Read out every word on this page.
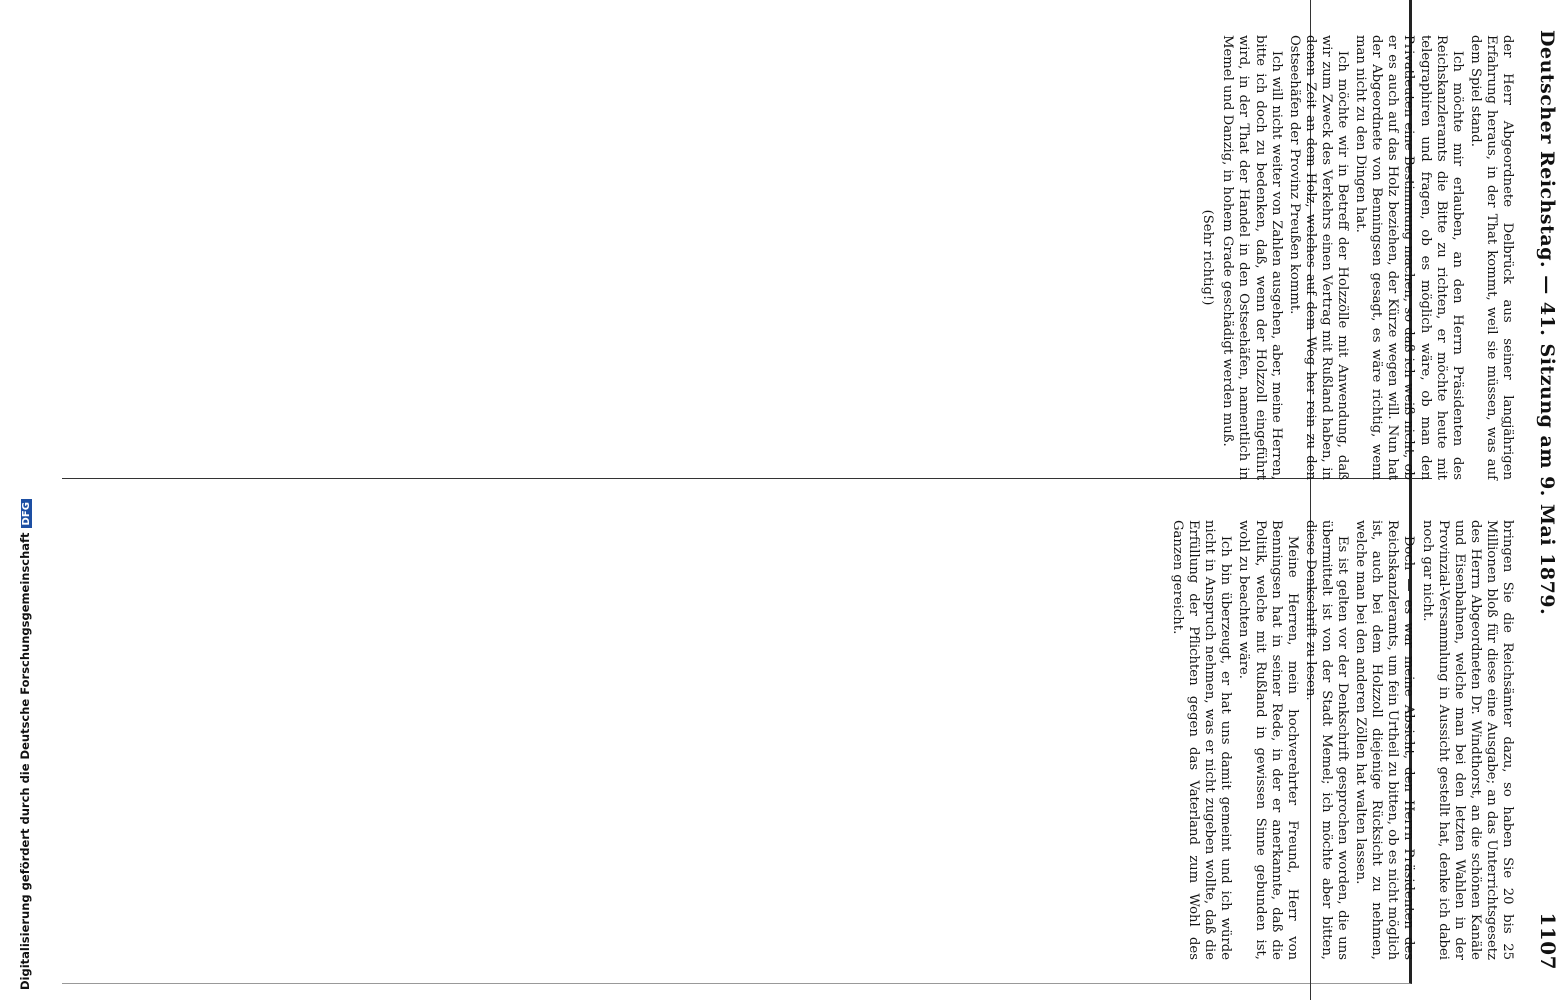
Digitalisierung gefördert durch die Deutsche ForschungsgemeinschaftDFG	Deutscher Reichstag. — 41. Sitzung am 9. Mai 1879.
1107

der Herr Abgeordnete Delbrück aus seiner langjährigen Erfahrung heraus, in der That kommt, weil sie müssen, was auf dem Spiel stand.

Ich möchte mir erlauben, an den Herrn Präsidenten des Reichskanzleramts die Bitte zu richten, er möchte heute mit telegraphiren und fragen, ob es möglich wäre, ob man den Privatleuten eine Bestimmung machen, so daß ich weiß nicht, ob er es auch auf das Holz beziehen, der Kürze wegen will. Nun hat der Abgeordnete von Benningsen gesagt, es wäre richtig, wenn man nicht zu den Dingen hat.

Ich möchte wir in Betreff der Holzzölle mit Anwendung, daß wir zum Zweck des Verkehrs einen Vertrag mit Rußland haben, in denen Zeit an dem Holz, welches auf dem Weg her rein zu den Ostseehäfen der Provinz Preußen kommt.

Ich will nicht weiter von Zahlen ausgehen, aber, meine Herren, bitte ich doch zu bedenken, daß, wenn der Holzzoll eingeführt wird, in der That der Handel in den Ostseehäfen, namentlich in Memel und Danzig, in hohem Grade geschädigt werden muß.

(Sehr richtig!)

bringen Sie die Reichsämter dazu, so haben Sie 20 bis 25 Millionen bloß für diese eine Ausgabe; an das Unterrichtsgesetz des Herrn Abgeordneten Dr. Windthorst, an die schönen Kanäle und Eisenbahnen, welche man bei den letzten Wahlen in der Provinzial-Versammlung in Aussicht gestellt hat, denke ich dabei noch gar nicht.

Doch — es war meine Absicht, den Herrn Präsidenten des Reichskanzleramts, um fein Urtheil zu bitten, ob es nicht möglich ist, auch bei dem Holzzoll diejenige Rücksicht zu nehmen, welche man bei den anderen Zöllen hat walten lassen.

Es ist gelten vor der Denkschrift gesprochen worden, die uns übermittelt ist von der Stadt Memel; ich möchte aber bitten, diese Denkschrift zu lesen.

Meine Herren, mein hochverehrter Freund, Herr von Benningsen hat in seiner Rede, in der er anerkannte, daß die Politik, welche mit Rußland in gewissen Sinne gebunden ist, wohl zu beachten wäre.

Ich bin überzeugt, er hat uns damit gemeint und ich würde nicht in Anspruch nehmen, was er nicht zugeben wollte, daß die Erfüllung der Pflichten gegen das Vaterland zum Wohl des Ganzen gereicht.
